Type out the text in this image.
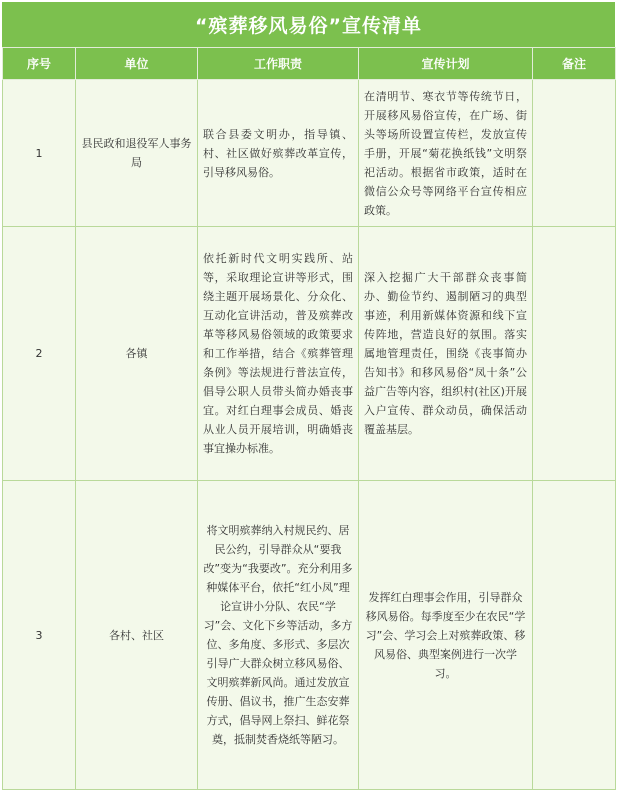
“殡葬移风易俗”宣传清单
序号	单位	工作职责	宣传计划	备注
1	县民政和退役军人事务局	联合县委文明办，指导镇、村、社区做好殡葬改革宣传，引导移风易俗。	在清明节、寒衣节等传统节日，开展移风易俗宣传，在广场、街头等场所设置宣传栏，发放宣传手册，开展“菊花换纸钱”文明祭祀活动。根据省市政策，适时在微信公众号等网络平台宣传相应政策。	
2	各镇	依托新时代文明实践所、站等，采取理论宣讲等形式，围绕主题开展场景化、分众化、互动化宣讲活动，普及殡葬改革等移风易俗领域的政策要求和工作举措，结合《殡葬管理条例》等法规进行普法宣传，倡导公职人员带头简办婚丧事宜。对红白理事会成员、婚丧从业人员开展培训，明确婚丧事宜操办标准。	深入挖掘广大干部群众丧事简办、勤俭节约、遏制陋习的典型事迹，利用新媒体资源和线下宣传阵地，营造良好的氛围。落实属地管理责任，围绕《丧事简办告知书》和移风易俗“凤十条”公益广告等内容，组织村(社区)开展入户宣传、群众动员，确保活动覆盖基层。	
3	各村、社区	将文明殡葬纳入村规民约、居民公约，引导群众从“要我改”变为“我要改”。充分利用多种媒体平台，依托“红小凤”理论宣讲小分队、农民“学习”会、文化下乡等活动，多方位、多角度、多形式、多层次引导广大群众树立移风易俗、文明殡葬新风尚。通过发放宣传册、倡议书，推广生态安葬方式，倡导网上祭扫、鲜花祭奠，抵制焚香烧纸等陋习。	发挥红白理事会作用，引导群众移风易俗。每季度至少在农民“学习”会、学习会上对殡葬政策、移风易俗、典型案例进行一次学习。	
